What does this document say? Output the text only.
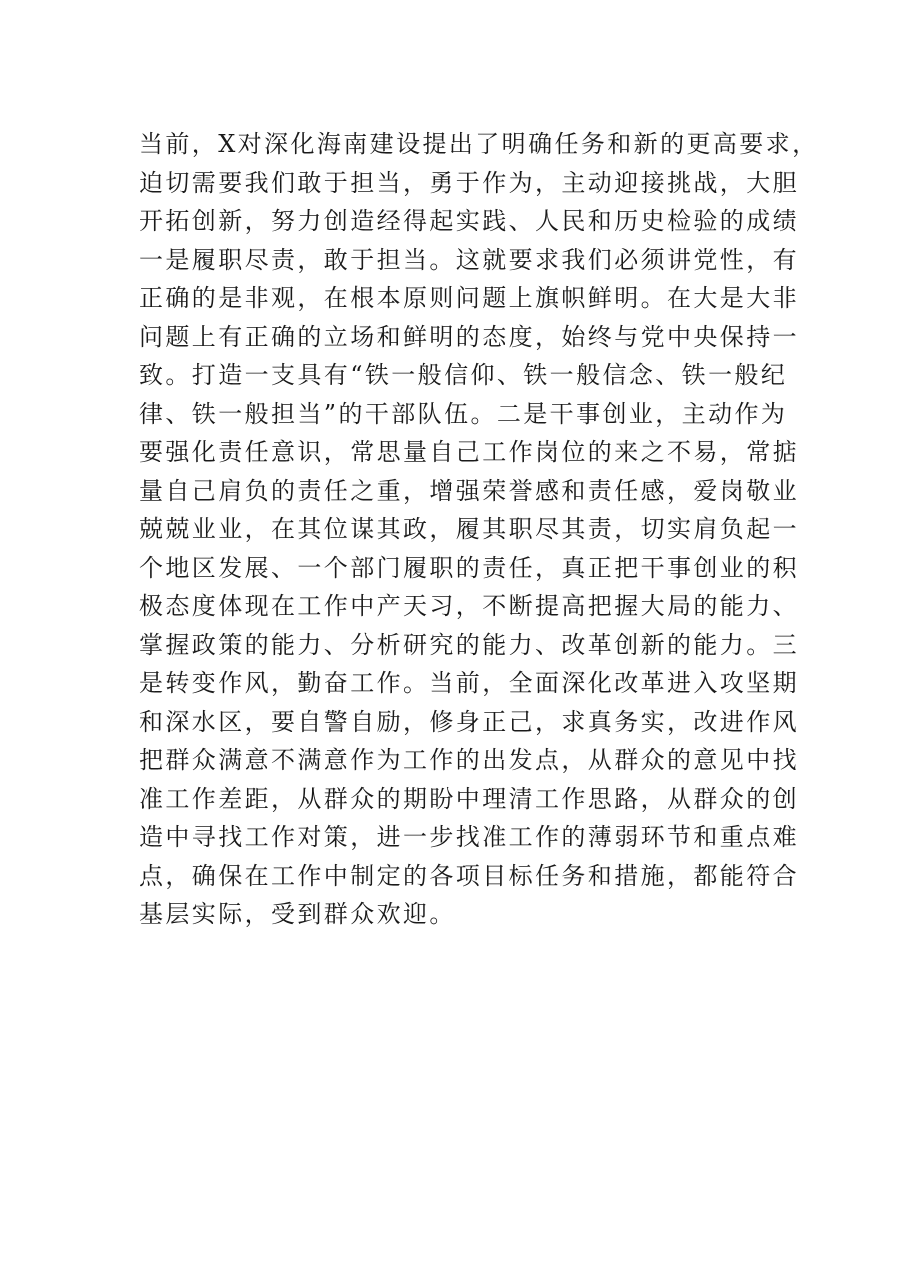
当前，X对深化海南建设提出了明确任务和新的更高要求，
迫切需要我们敢于担当，勇于作为，主动迎接挑战，大胆
开拓创新，努力创造经得起实践、人民和历史检验的成绩
一是履职尽责，敢于担当。这就要求我们必须讲党性，有
正确的是非观，在根本原则问题上旗帜鲜明。在大是大非
问题上有正确的立场和鲜明的态度，始终与党中央保持一
致。打造一支具有“铁一般信仰、铁一般信念、铁一般纪
律、铁一般担当”的干部队伍。二是干事创业，主动作为
要强化责任意识，常思量自己工作岗位的来之不易，常掂
量自己肩负的责任之重，增强荣誉感和责任感，爱岗敬业
兢兢业业，在其位谋其政，履其职尽其责，切实肩负起一
个地区发展、一个部门履职的责任，真正把干事创业的积
极态度体现在工作中产天习，不断提高把握大局的能力、
掌握政策的能力、分析研究的能力、改革创新的能力。三
是转变作风，勤奋工作。当前，全面深化改革进入攻坚期
和深水区，要自警自励，修身正己，求真务实，改进作风
把群众满意不满意作为工作的出发点，从群众的意见中找
准工作差距，从群众的期盼中理清工作思路，从群众的创
造中寻找工作对策，进一步找准工作的薄弱环节和重点难
点，确保在工作中制定的各项目标任务和措施，都能符合
基层实际，受到群众欢迎。
